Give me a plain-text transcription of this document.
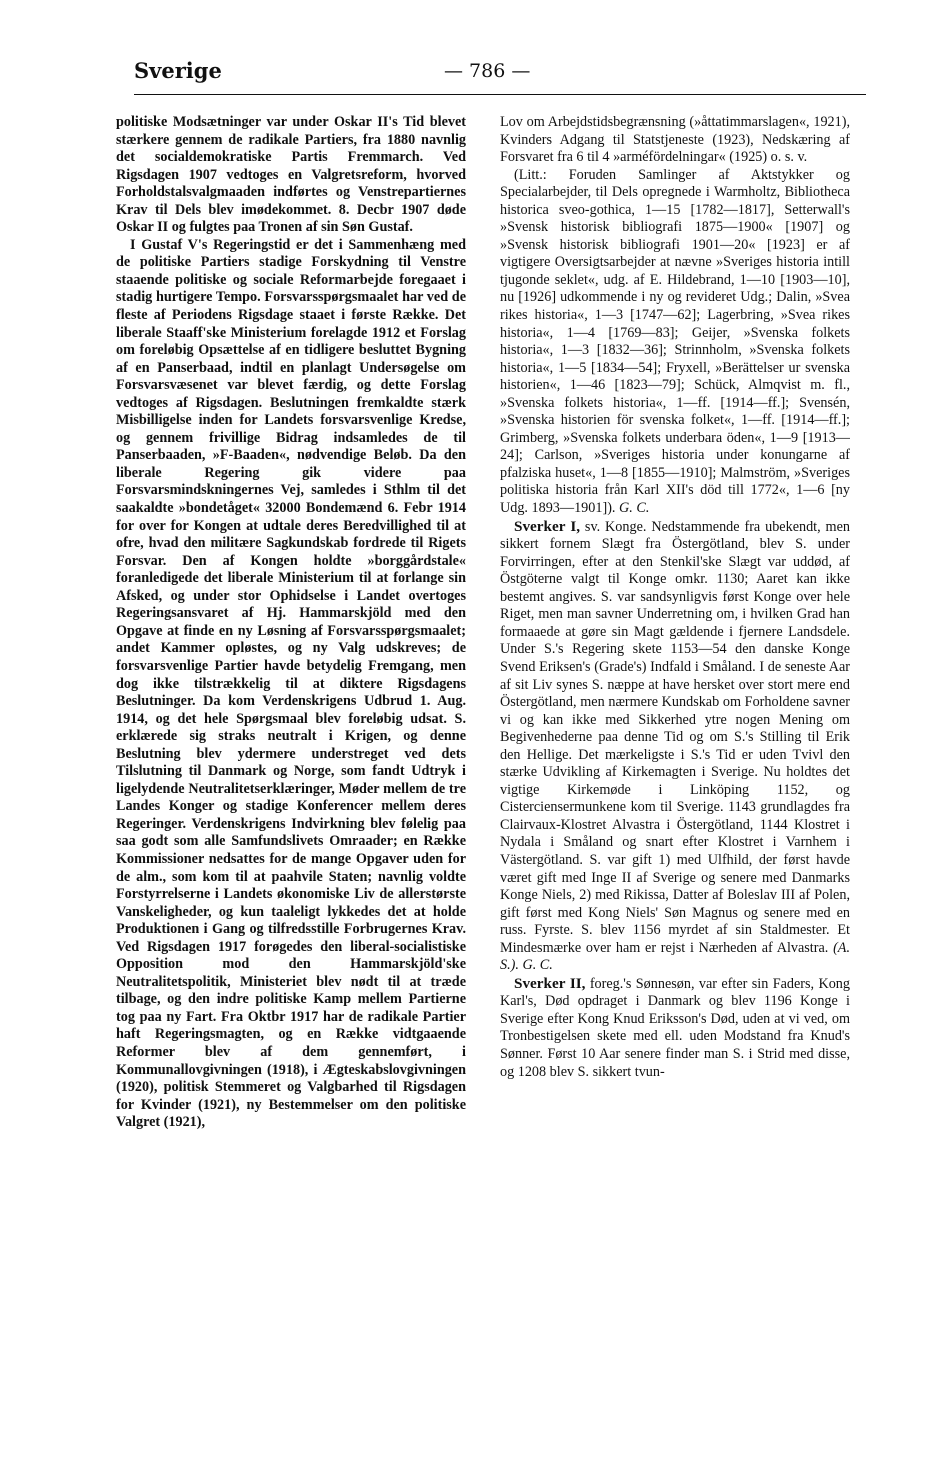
Sverige	— 786 —

politiske Modsætninger var under Oskar II's Tid blevet stærkere gennem de radikale Partiers, fra 1880 navnlig det socialdemokratiske Partis Fremmarch. Ved Rigsdagen 1907 vedtoges en Valgretsreform, hvorved Forholdstalsvalgmaaden indførtes og Venstrepartiernes Krav til Dels blev imødekommet. 8. Decbr 1907 døde Oskar II og fulgtes paa Tronen af sin Søn Gustaf.

I Gustaf V's Regeringstid er det i Sammenhæng med de politiske Partiers stadige Forskydning til Venstre staaende politiske og sociale Reformarbejde foregaaet i stadig hurtigere Tempo. Forsvarsspørgsmaalet har ved de fleste af Periodens Rigsdage staaet i første Række. Det liberale Staaff'ske Ministerium forelagde 1912 et Forslag om foreløbig Opsættelse af en tidligere besluttet Bygning af en Panserbaad, indtil en planlagt Undersøgelse om Forsvarsvæsenet var blevet færdig, og dette Forslag vedtoges af Rigsdagen. Beslutningen fremkaldte stærk Misbilligelse inden for Landets forsvarsvenlige Kredse, og gennem frivillige Bidrag indsamledes de til Panserbaaden, »F-Baaden«, nødvendige Beløb. Da den liberale Regering gik videre paa Forsvarsmindskningernes Vej, samledes i Sthlm til det saakaldte »bondetåget« 32000 Bondemænd 6. Febr 1914 for over for Kongen at udtale deres Beredvillighed til at ofre, hvad den militære Sagkundskab fordrede til Rigets Forsvar. Den af Kongen holdte »borggårdstale« foranledigede det liberale Ministerium til at forlange sin Afsked, og under stor Ophidselse i Landet overtoges Regeringsansvaret af Hj. Hammarskjöld med den Opgave at finde en ny Løsning af Forsvarsspørgsmaalet; andet Kammer opløstes, og ny Valg udskreves; de forsvarsvenlige Partier havde betydelig Fremgang, men dog ikke tilstrækkelig til at diktere Rigsdagens Beslutninger. Da kom Verdenskrigens Udbrud 1. Aug. 1914, og det hele Spørgsmaal blev foreløbig udsat. S. erklærede sig straks neutralt i Krigen, og denne Beslutning blev ydermere understreget ved dets Tilslutning til Danmark og Norge, som fandt Udtryk i ligelydende Neutralitetserklæringer, Møder mellem de tre Landes Konger og stadige Konferencer mellem deres Regeringer. Verdenskrigens Indvirkning blev følelig paa saa godt som alle Samfundslivets Omraader; en Række Kommissioner nedsattes for de mange Opgaver uden for de alm., som kom til at paahvile Staten; navnlig voldte Forstyrrelserne i Landets økonomiske Liv de allerstørste Vanskeligheder, og kun taaleligt lykkedes det at holde Produktionen i Gang og tilfredsstille Forbrugernes Krav. Ved Rigsdagen 1917 forøgedes den liberal-socialistiske Opposition mod den Hammarskjöld'ske Neutralitetspolitik, Ministeriet blev nødt til at træde tilbage, og den indre politiske Kamp mellem Partierne tog paa ny Fart. Fra Oktbr 1917 har de radikale Partier haft Regeringsmagten, og en Række vidtgaaende Reformer blev af dem gennemført, i Kommunallovgivningen (1918), i Ægteskabslovgivningen (1920), politisk Stemmeret og Valgbarhed til Rigsdagen for Kvinder (1921), ny Bestemmelser om den politiske Valgret (1921),

Lov om Arbejdstidsbegrænsning (»åttatimmarslagen«, 1921), Kvinders Adgang til Statstjeneste (1923), Nedskæring af Forsvaret fra 6 til 4 »arméfördelningar« (1925) o. s. v.

(Litt.: Foruden Samlinger af Aktstykker og Specialarbejder, til Dels opregnede i Warmholtz, Bibliotheca historica sveo-gothica, 1—15 [1782—1817], Setterwall's »Svensk historisk bibliografi 1875—1900« [1907] og »Svensk historisk bibliografi 1901—20« [1923] er af vigtigere Oversigtsarbejder at nævne »Sveriges historia intill tjugonde seklet«, udg. af E. Hildebrand, 1—10 [1903—10], nu [1926] udkommende i ny og revideret Udg.; Dalin, »Svea rikes historia«, 1—3 [1747—62]; Lagerbring, »Svea rikes historia«, 1—4 [1769—83]; Geijer, »Svenska folkets historia«, 1—3 [1832—36]; Strinnholm, »Svenska folkets historia«, 1—5 [1834—54]; Fryxell, »Berättelser ur svenska historien«, 1—46 [1823—79]; Schück, Almqvist m. fl., »Svenska folkets historia«, 1—ff. [1914—ff.]; Svensén, »Svenska historien för svenska folket«, 1—ff. [1914—ff.]; Grimberg, »Svenska folkets underbara öden«, 1—9 [1913—24]; Carlson, »Sveriges historia under konungarne af pfalziska huset«, 1—8 [1855—1910]; Malmström, »Sveriges politiska historia från Karl XII's död till 1772«, 1—6 [ny Udg. 1893—1901]). G. C.

Sverker I, sv. Konge. Nedstammende fra ubekendt, men sikkert fornem Slægt fra Östergötland, blev S. under Forvirringen, efter at den Stenkil'ske Slægt var uddød, af Östgöterne valgt til Konge omkr. 1130; Aaret kan ikke bestemt angives. S. var sandsynligvis først Konge over hele Riget, men man savner Underretning om, i hvilken Grad han formaaede at gøre sin Magt gældende i fjernere Landsdele. Under S.'s Regering skete 1153—54 den danske Konge Svend Eriksen's (Grade's) Indfald i Småland. I de seneste Aar af sit Liv synes S. næppe at have hersket over stort mere end Östergötland, men nærmere Kundskab om Forholdene savner vi og kan ikke med Sikkerhed ytre nogen Mening om Begivenhederne paa denne Tid og om S.'s Stilling til Erik den Hellige. Det mærkeligste i S.'s Tid er uden Tvivl den stærke Udvikling af Kirkemagten i Sverige. Nu holdtes det vigtige Kirkemøde i Linköping 1152, og Cisterciensermunkene kom til Sverige. 1143 grundlagdes fra Clairvaux-Klostret Alvastra i Östergötland, 1144 Klostret i Nydala i Småland og snart efter Klostret i Varnhem i Västergötland. S. var gift 1) med Ulfhild, der først havde været gift med Inge II af Sverige og senere med Danmarks Konge Niels, 2) med Rikissa, Datter af Boleslav III af Polen, gift først med Kong Niels' Søn Magnus og senere med en russ. Fyrste. S. blev 1156 myrdet af sin Staldmester. Et Mindesmærke over ham er rejst i Nærheden af Alvastra. (A. S.). G. C.

Sverker II, foreg.'s Sønnesøn, var efter sin Faders, Kong Karl's, Død opdraget i Danmark og blev 1196 Konge i Sverige efter Kong Knud Eriksson's Død, uden at vi ved, om Tronbestigelsen skete med ell. uden Modstand fra Knud's Sønner. Først 10 Aar senere finder man S. i Strid med disse, og 1208 blev S. sikkert tvun-
